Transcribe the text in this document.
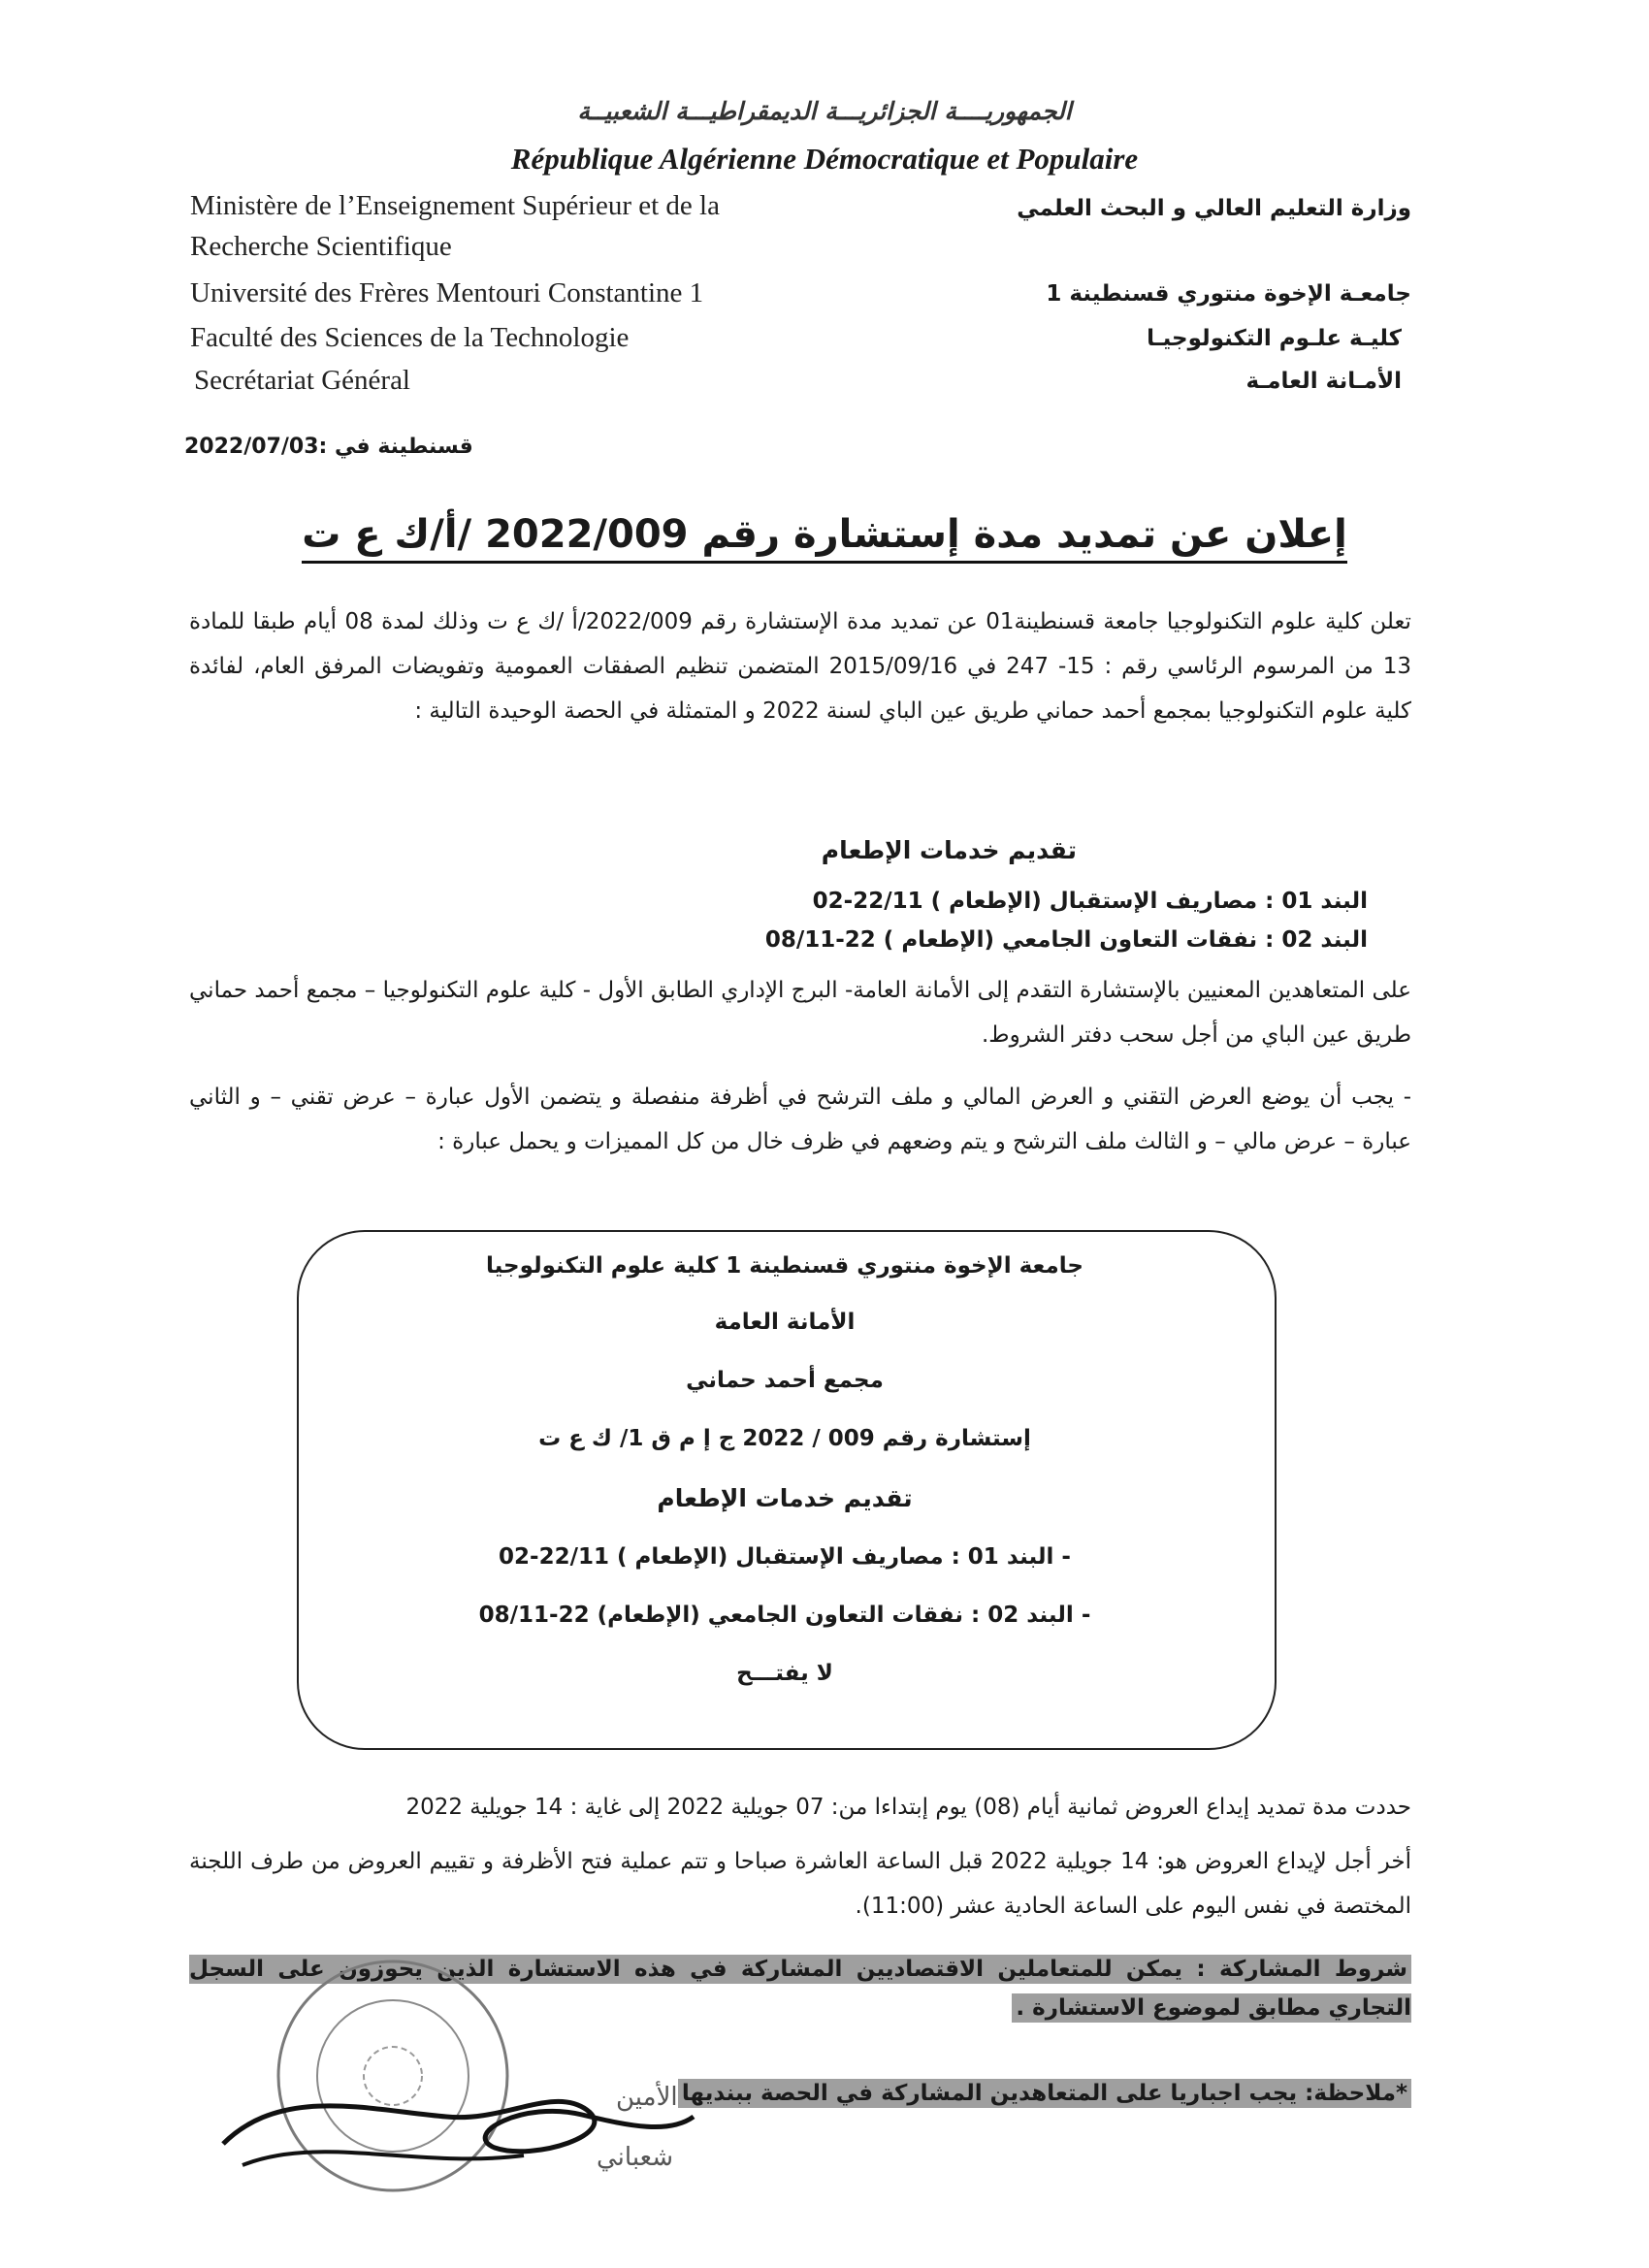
الجمهوريــــة الجزائريـــة الديمقراطيـــة الشعبيــة
République Algérienne Démocratique et Populaire
Ministère de l’Enseignement Supérieur et de la
Recherche Scientifique
Université des Frères Mentouri Constantine 1
Faculté des Sciences de la Technologie
Secrétariat Général
وزارة التعليم العالي و البحث العلمي
جامعـة الإخوة منتوري قسنطينة 1
كليـة علـوم التكنولوجيـا
الأمـانة العامـة
2022/07/03: قسنطينة في
إعلان عن تمديد مدة إستشارة رقم 2022/009 /أ/ك ع ت
تعلن كلية علوم التكنولوجيا جامعة قسنطينة01 عن تمديد مدة الإستشارة رقم 2022/009/أ /ك ع ت وذلك لمدة 08 أيام طبقا للمادة 13 من المرسوم الرئاسي رقم : 15- 247 في 2015/09/16 المتضمن تنظيم الصفقات العمومية وتفويضات المرفق العام، لفائدة كلية علوم التكنولوجيا بمجمع أحمد حماني طريق عين الباي لسنة 2022 و المتمثلة في الحصة الوحيدة التالية :
تقديم خدمات الإطعام
البند 01 : مصاريف الإستقبال (الإطعام ) 22/11-02
البند 02 : نفقات التعاون الجامعي (الإطعام ) 22-08/11
على المتعاهدين المعنيين بالإستشارة التقدم إلى الأمانة العامة- البرج الإداري الطابق الأول - كلية علوم التكنولوجيا – مجمع أحمد حماني طريق عين الباي من أجل سحب دفتر الشروط.
- يجب أن يوضع العرض التقني و العرض المالي و ملف الترشح في أظرفة منفصلة و يتضمن الأول عبارة – عرض تقني – و الثاني عبارة – عرض مالي – و الثالث ملف الترشح و يتم وضعهم في ظرف خال من كل المميزات و يحمل عبارة :
جامعة الإخوة منتوري قسنطينة 1 كلية علوم التكنولوجيا
الأمانة العامة
مجمع أحمد حماني
إستشارة رقم 009 / 2022 ج إ م ق 1/ ك ع ت
تقديم خدمات الإطعام
- البند 01 : مصاريف الإستقبال (الإطعام ) 22/11-02
- البند 02 : نفقات التعاون الجامعي (الإطعام) 22-08/11
لا يفتـــح
حددت مدة تمديد إيداع العروض ثمانية أيام (08) يوم إبتداءا من: 07 جويلية 2022 إلى غاية : 14 جويلية 2022
أخر أجل لإيداع العروض هو: 14 جويلية 2022 قبل الساعة العاشرة صباحا و تتم عملية فتح الأظرفة و تقييم العروض من طرف اللجنة المختصة في نفس اليوم على الساعة الحادية عشر (11:00).
شروط المشاركة : يمكن للمتعاملين الاقتصاديين المشاركة في هذه الاستشارة الذين يحوزون على السجل التجاري مطابق لموضوع الاستشارة .
*ملاحظة: يجب اجباريا على المتعاهدين المشاركة في الحصة ببنديها
الأمين
شعباني
